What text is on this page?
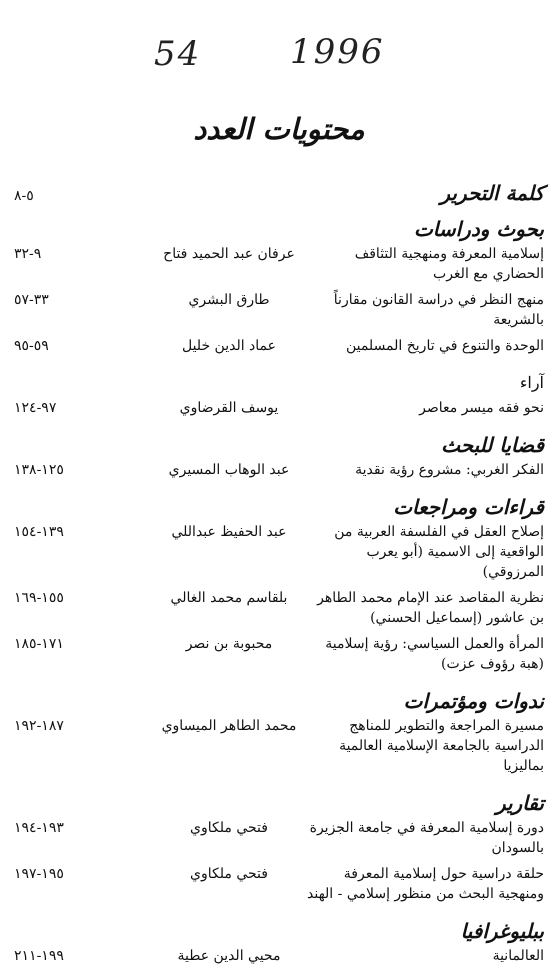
54	1996
محتويات العدد
كلمة التحرير
٥-٨
بحوث ودراسات
إسلامية المعرفة ومنهجية التثاقف الحضاري مع الغرب
عرفان عبد الحميد فتاح
٩-٣٢
منهج النظر في دراسة القانون مقارناً بالشريعة
طارق البشري
٣٣-٥٧
الوحدة والتنوع في تاريخ المسلمين
عماد الدين خليل
٥٩-٩٥
آراء
نحو فقه ميسر معاصر
يوسف القرضاوي
٩٧-١٢٤
قضايا للبحث
الفكر الغربي: مشروع رؤية نقدية
عبد الوهاب المسيري
١٢٥-١٣٨
قراءات ومراجعات
إصلاح العقل في الفلسفة العربية من الواقعية إلى الاسمية (أبو يعرب المرزوقي)
عبد الحفيظ عبداللي
١٣٩-١٥٤
نظرية المقاصد عند الإمام محمد الطاهر بن عاشور (إسماعيل الحسني)
بلقاسم محمد الغالي
١٥٥-١٦٩
المرأة والعمل السياسي: رؤية إسلامية (هبة رؤوف عزت)
محبوبة بن نصر
١٧١-١٨٥
ندوات ومؤتمرات
مسيرة المراجعة والتطوير للمناهج الدراسية بالجامعة الإسلامية العالمية بماليزيا
محمد الطاهر الميساوي
١٨٧-١٩٢
تقارير
دورة إسلامية المعرفة في جامعة الجزيرة بالسودان
فتحي ملكاوي
١٩٣-١٩٤
حلقة دراسية حول إسلامية المعرفة ومنهجية البحث من منظور إسلامي - الهند
فتحي ملكاوي
١٩٥-١٩٧
ببليوغرافيا
العالمانية
محيي الدين عطية
١٩٩-٢١١
